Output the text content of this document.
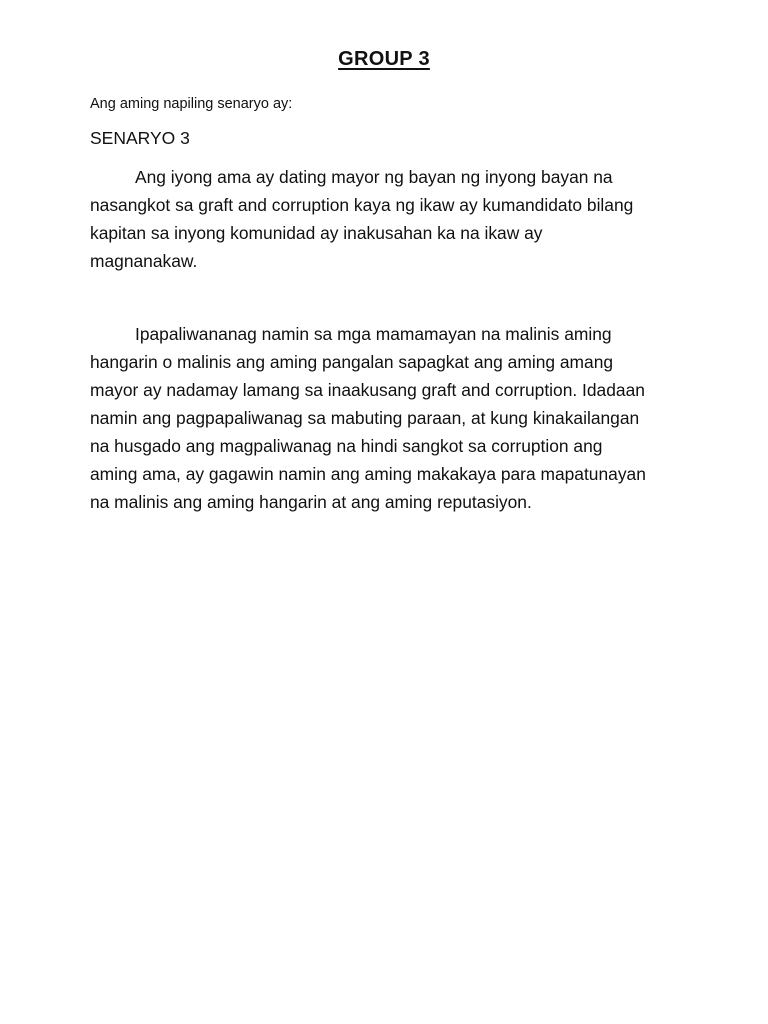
GROUP 3
Ang aming napiling senaryo ay:
SENARYO 3
Ang iyong ama ay dating mayor ng bayan ng inyong bayan na
nasangkot sa graft and corruption kaya ng ikaw ay kumandidato bilang
kapitan sa inyong komunidad ay inakusahan ka na ikaw ay
magnanakaw.
Ipapaliwananag namin sa mga mamamayan na malinis aming
hangarin o malinis ang aming pangalan sapagkat ang aming amang
mayor ay nadamay lamang sa inaakusang graft and corruption. Idadaan
namin ang pagpapaliwanag sa mabuting paraan, at kung kinakailangan
na husgado ang magpaliwanag na hindi sangkot sa corruption ang
aming ama, ay gagawin namin ang aming makakaya para mapatunayan
na malinis ang aming hangarin at ang aming reputasiyon.
